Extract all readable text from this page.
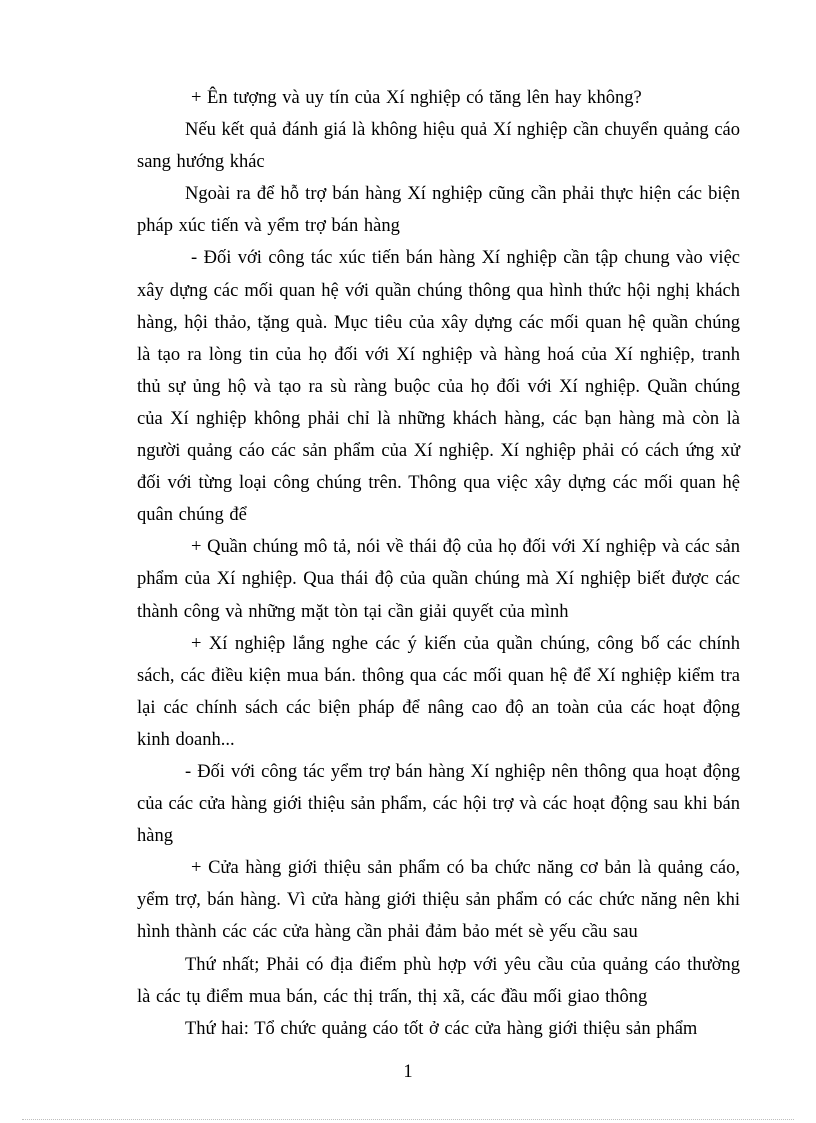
+ Ên tượng và uy tín của Xí nghiệp có tăng lên hay không?

Nếu kết quả đánh giá là không hiệu quả Xí nghiệp cần chuyển quảng cáo sang hướng khác

Ngoài ra để hỗ trợ bán hàng Xí nghiệp cũng cần phải thực hiện các biện pháp xúc tiến và yểm trợ bán hàng

- Đối với công tác xúc tiến bán hàng Xí nghiệp cần tập chung vào việc xây dựng các mối quan hệ với quần chúng thông qua hình thức hội nghị khách hàng, hội thảo, tặng quà. Mục tiêu của xây dựng các mối quan hệ quần chúng là tạo ra lòng tin của họ đối với Xí nghiệp và hàng hoá của Xí nghiệp, tranh thủ sự ủng hộ và tạo ra sù ràng buộc của họ đối với Xí nghiệp. Quần chúng của Xí nghiệp không phải chỉ là những khách hàng, các bạn hàng mà còn là người quảng cáo các sản phẩm của Xí nghiệp. Xí nghiệp phải có cách ứng xử đối với từng loại công chúng trên. Thông qua việc xây dựng các mối quan hệ quân chúng để

+ Quần chúng mô tả, nói về thái độ của họ đối với Xí nghiệp và các sản phẩm của Xí nghiệp. Qua thái độ của quần chúng mà Xí nghiệp biết được các thành công và những mặt tòn tại cần giải quyết của mình

+ Xí nghiệp lắng nghe các ý kiến của quần chúng, công bố các chính sách, các điều kiện mua bán. thông qua các mối quan hệ để Xí nghiệp kiểm tra lại các chính sách các biện pháp để nâng cao độ an toàn của các hoạt động kinh doanh...

- Đối với công tác yểm trợ bán hàng Xí nghiệp nên thông qua hoạt động của các cửa hàng giới thiệu sản phẩm, các hội trợ và các hoạt động sau khi bán hàng

+ Cửa hàng giới thiệu sản phẩm có ba chức năng cơ bản là quảng cáo, yểm trợ, bán hàng. Vì cửa hàng giới thiệu sản phẩm có các chức năng nên khi hình thành các các cửa hàng cần phải đảm bảo mét sè yếu cầu sau

Thứ nhất; Phải có địa điểm phù hợp với yêu cầu của quảng cáo thường là các tụ điểm mua bán, các thị trấn, thị xã, các đầu mối giao thông

Thứ hai: Tổ chức quảng cáo tốt ở các cửa hàng giới thiệu sản phẩm

1
